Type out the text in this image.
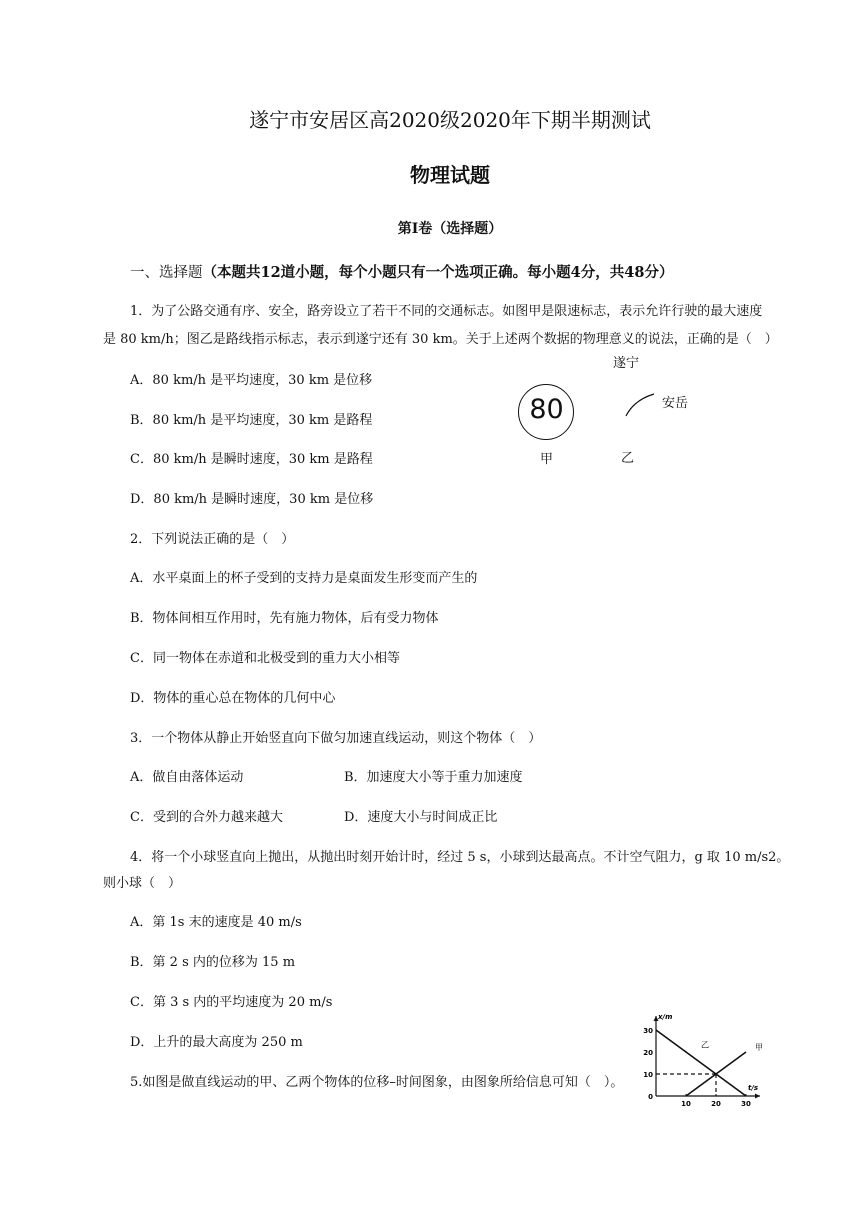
遂宁市安居区高2020级2020年下期半期测试
物理试题
第Ⅰ卷（选择题）
一、选择题（本题共12道小题，每个小题只有一个选项正确。每小题4分，共48分）
1．为了公路交通有序、安全，路旁设立了若干不同的交通标志。如图甲是限速标志，表示允许行驶的最大速度
是 80 km/h；图乙是路线指示标志，表示到遂宁还有 30 km。关于上述两个数据的物理意义的说法，正确的是（　）
A．80 km/h 是平均速度，30 km 是位移
B．80 km/h 是平均速度，30 km 是路程
C．80 km/h 是瞬时速度，30 km 是路程
D．80 km/h 是瞬时速度，30 km 是位移
80
甲	乙
遂宁
安岳
2．下列说法正确的是（　）
A．水平桌面上的杯子受到的支持力是桌面发生形变而产生的
B．物体间相互作用时，先有施力物体，后有受力物体
C．同一物体在赤道和北极受到的重力大小相等
D．物体的重心总在物体的几何中心
3．一个物体从静止开始竖直向下做匀加速直线运动，则这个物体（　）
A．做自由落体运动	B．加速度大小等于重力加速度
C．受到的合外力越来越大	D．速度大小与时间成正比
4．将一个小球竖直向上抛出，从抛出时刻开始计时，经过 5 s，小球到达最高点。不计空气阻力，g 取 10 m/s2。
则小球（　）
A．第 1s 末的速度是 40 m/s
B．第 2 s 内的位移为 15 m
C．第 3 s 内的平均速度为 20 m/s
D．上升的最大高度为 250 m
5.如图是做直线运动的甲、乙两个物体的位移–时间图象，由图象所给信息可知（　）。
x/m
t/s
0
10
20
30
10	20	30
乙	甲
